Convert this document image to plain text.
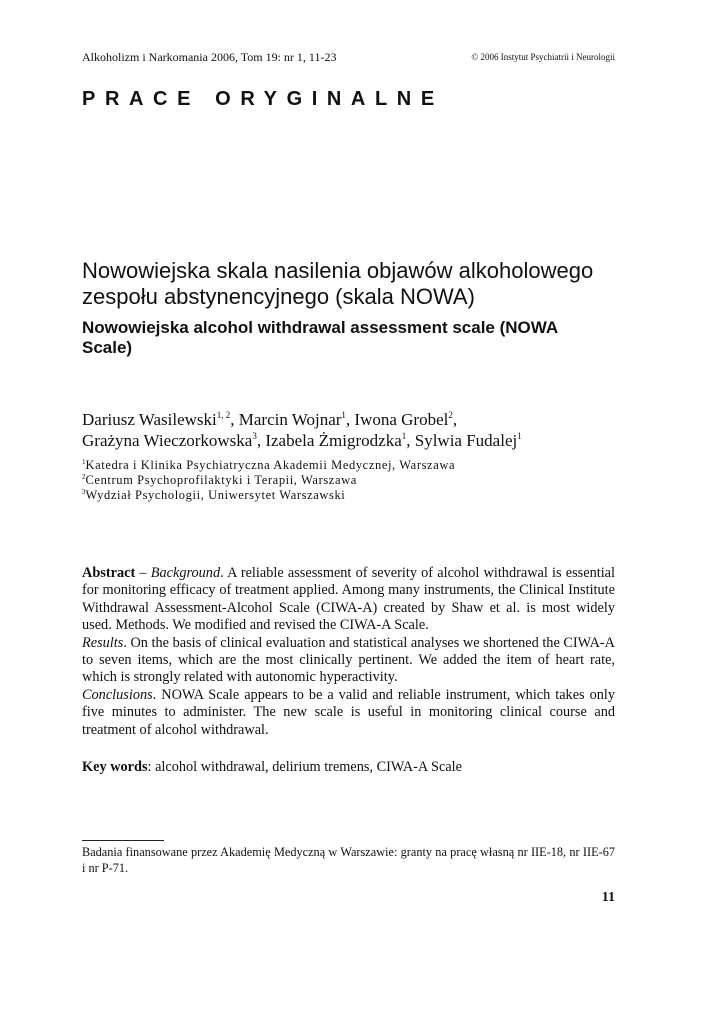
Alkoholizm i Narkomania 2006, Tom 19: nr 1, 11-23	© 2006 Instytut Psychiatrii i Neurologii
PRACE ORYGINALNE
Nowowiejska skala nasilenia objawów alkoholowego zespołu abstynencyjnego (skala NOWA)
Nowowiejska alcohol withdrawal assessment scale (NOWA Scale)
Dariusz Wasilewski$^{1, 2}$, Marcin Wojnar$^1$, Iwona Grobel$^2$,
Grażyna Wieczorkowska$^3$, Izabela Żmigrodzka$^1$, Sylwia Fudalej$^1$
$^1$Katedra i Klinika Psychiatryczna Akademii Medycznej, Warszawa
$^2$Centrum Psychoprofilaktyki i Terapii, Warszawa
$^3$Wydział Psychologii, Uniwersytet Warszawski

Abstract – Background. A reliable assessment of severity of alcohol withdrawal is essential for monitoring efficacy of treatment applied. Among many instruments, the Clinical Institute Withdrawal Assessment-Alcohol Scale (CIWA-A) created by Shaw et al. is most widely used. Methods. We modified and revised the CIWA-A Scale.

Results. On the basis of clinical evaluation and statistical analyses we shortened the CIWA-A to seven items, which are the most clinically pertinent. We added the item of heart rate, which is strongly related with autonomic hyperactivity.

Conclusions. NOWA Scale appears to be a valid and reliable instrument, which takes only five minutes to administer. The new scale is useful in monitoring clinical course and treatment of alcohol withdrawal.

Key words: alcohol withdrawal, delirium tremens, CIWA-A Scale
Badania finansowane przez Akademię Medyczną w Warszawie: granty na pracę własną nr IIE-18, nr IIE-67 i nr P-71.
11
